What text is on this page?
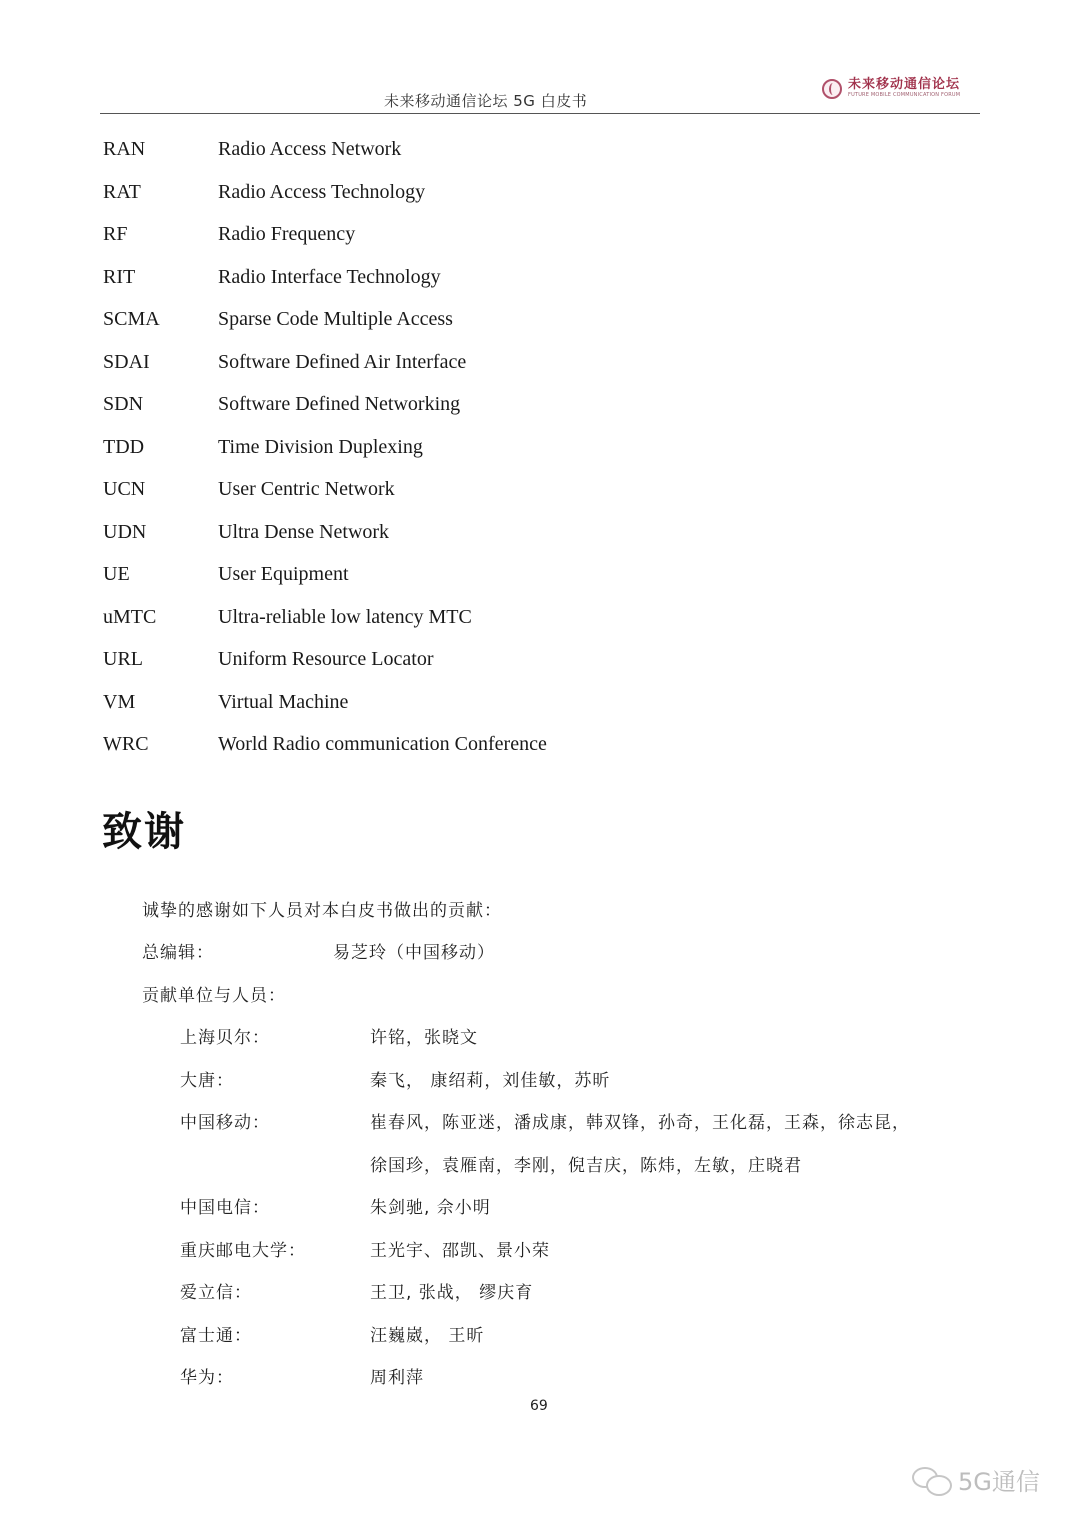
未来移动通信论坛 5G 白皮书
未来移动通信论坛
FUTURE MOBILE COMMUNICATION FORUM
RAN	Radio Access Network
RAT	Radio Access Technology
RF	Radio Frequency
RIT	Radio Interface Technology
SCMA	Sparse Code Multiple Access
SDAI	Software Defined Air Interface
SDN	Software Defined Networking
TDD	Time Division Duplexing
UCN	User Centric Network
UDN	Ultra Dense Network
UE	User Equipment
uMTC	Ultra-reliable low latency MTC
URL	Uniform Resource Locator
VM	Virtual Machine
WRC	World Radio communication Conference
致谢
诚挚的感谢如下人员对本白皮书做出的贡献：
总编辑：	易芝玲（中国移动）
贡献单位与人员：
上海贝尔：	许铭，张晓文
大唐：	秦飞， 康绍莉，刘佳敏，苏昕
中国移动：	崔春风，陈亚迷，潘成康，韩双锋，孙奇，王化磊，王森，徐志昆，
徐国珍，袁雁南，李刚，倪吉庆，陈炜，左敏，庄晓君
中国电信：	朱剑驰, 佘小明
重庆邮电大学：	王光宇、邵凯、景小荣
爱立信：	王卫, 张战， 缪庆育
富士通：	汪巍崴， 王昕
华为：	周利萍
69
5G通信
